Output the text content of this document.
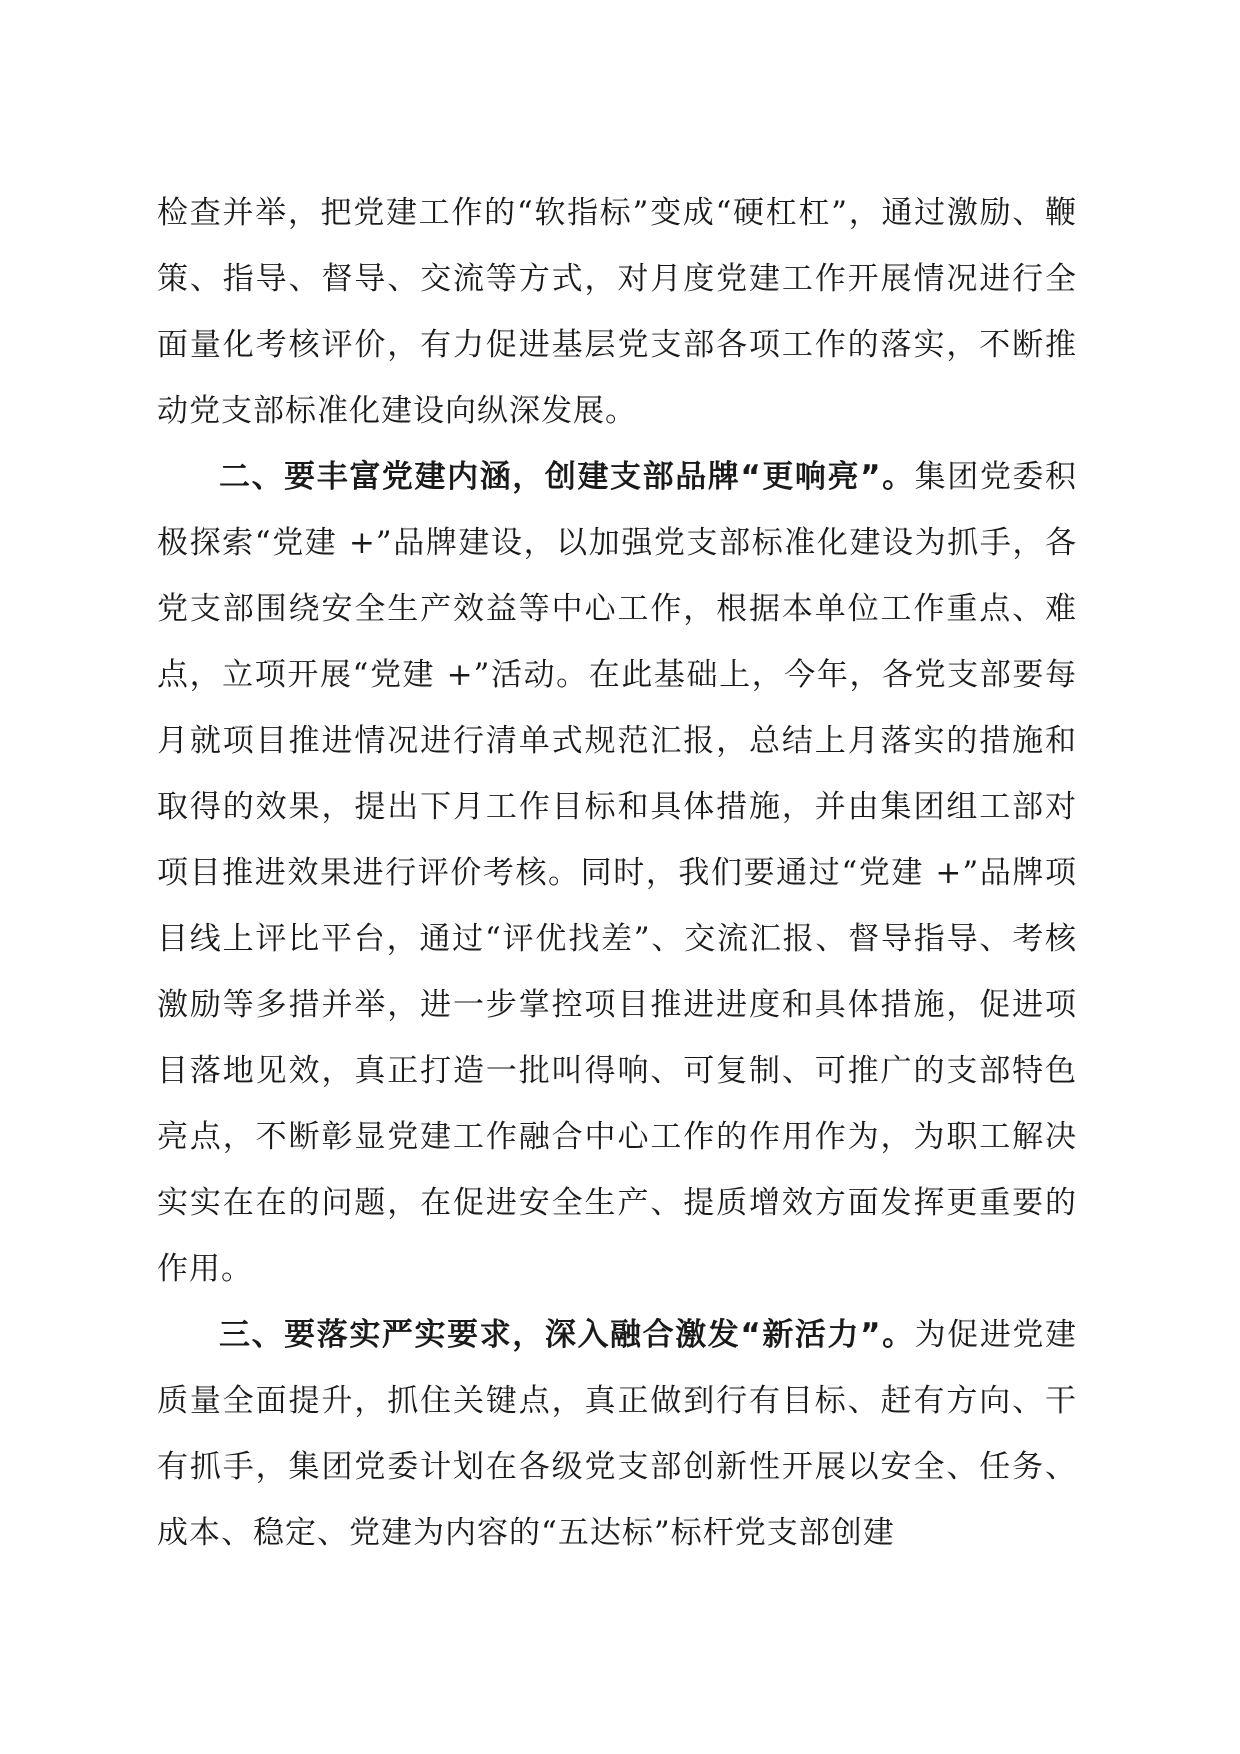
检查并举，把党建工作的“软指标”变成“硬杠杠”，通过激励、鞭策、指导、督导、交流等方式，对月度党建工作开展情况进行全面量化考核评价，有力促进基层党支部各项工作的落实，不断推动党支部标准化建设向纵深发展。

二、要丰富党建内涵，创建支部品牌“更响亮”。集团党委积极探索“党建 +”品牌建设，以加强党支部标准化建设为抓手，各党支部围绕安全生产效益等中心工作，根据本单位工作重点、难点，立项开展“党建 +”活动。在此基础上，今年，各党支部要每月就项目推进情况进行清单式规范汇报，总结上月落实的措施和取得的效果，提出下月工作目标和具体措施，并由集团组工部对项目推进效果进行评价考核。同时，我们要通过“党建 +”品牌项目线上评比平台，通过“评优找差”、交流汇报、督导指导、考核激励等多措并举，进一步掌控项目推进进度和具体措施，促进项目落地见效，真正打造一批叫得响、可复制、可推广的支部特色亮点，不断彰显党建工作融合中心工作的作用作为，为职工解决实实在在的问题，在促进安全生产、提质增效方面发挥更重要的作用。

三、要落实严实要求，深入融合激发“新活力”。为促进党建质量全面提升，抓住关键点，真正做到行有目标、赶有方向、干有抓手，集团党委计划在各级党支部创新性开展以安全、任务、成本、稳定、党建为内容的“五达标”标杆党支部创建
